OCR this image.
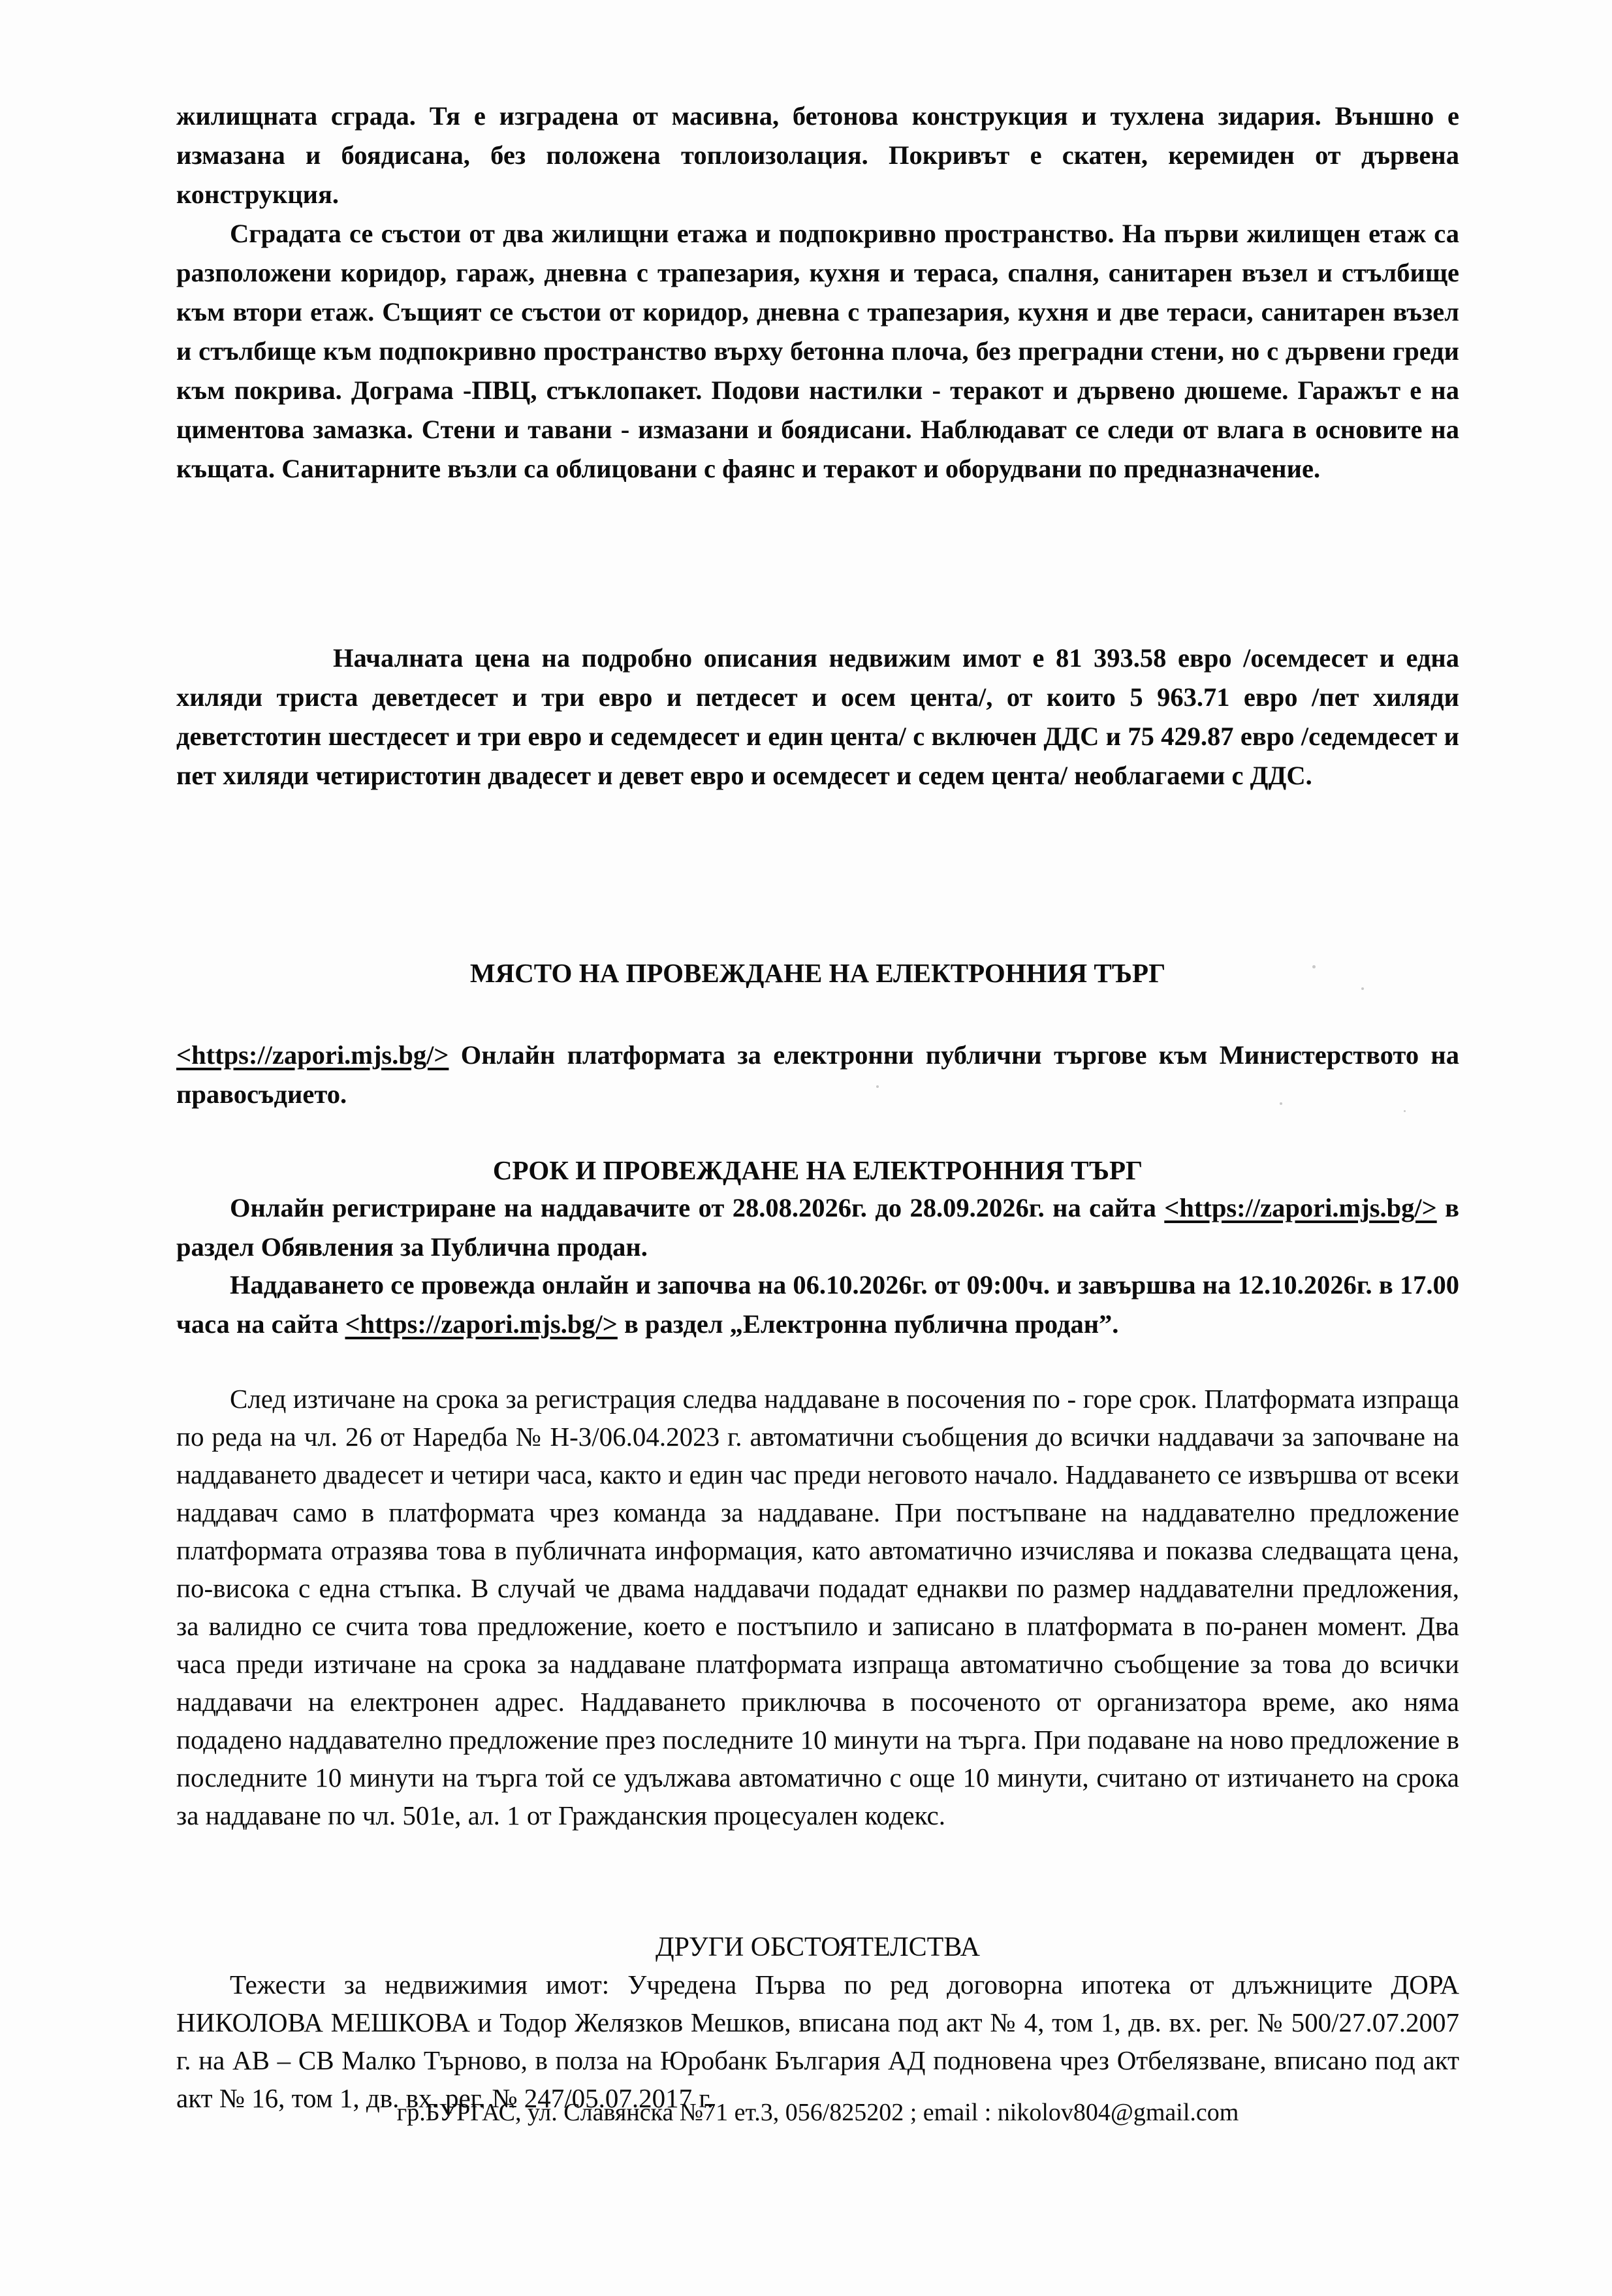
жилищната сграда. Тя е изградена от масивна, бетонова конструкция и тухлена зидария. Външно е измазана и боядисана, без положена топлоизолация. Покривът е скатен, керемиден от дървена конструкция.

Сградата се състои от два жилищни етажа и подпокривно пространство. На първи жилищен етаж са разположени коридор, гараж, дневна с трапезария, кухня и тераса, спалня, санитарен възел и стълбище към втори етаж. Същият се състои от коридор, дневна с трапезария, кухня и две тераси, санитарен възел и стълбище към подпокривно пространство върху бетонна плоча, без преградни стени, но с дървени греди към покрива. Дограма -ПВЦ, стъклопакет. Подови настилки - теракот и дървено дюшеме. Гаражът е на циментова замазка. Стени и тавани - измазани и боядисани. Наблюдават се следи от влага в основите на къщата. Санитарните възли са облицовани с фаянс и теракот и оборудвани по предназначение.

Началната цена на подробно описания недвижим имот е 81 393.58 евро /осемдесет и една хиляди триста деветдесет и три евро и петдесет и осем цента/, от които 5 963.71 евро /пет хиляди деветстотин шестдесет и три евро и седемдесет и един цента/ с включен ДДС и 75 429.87 евро /седемдесет и пет хиляди четиристотин двадесет и девет евро и осемдесет и седем цента/ необлагаеми с ДДС.

МЯСТО НА ПРОВЕЖДАНЕ НА ЕЛЕКТРОННИЯ ТЪРГ

<https://zapori.mjs.bg/> Онлайн платформата за електронни публични търгове към Министерството на правосъдието.

СРОК И ПРОВЕЖДАНЕ НА ЕЛЕКТРОННИЯ ТЪРГ

Онлайн регистриране на наддавачите от 28.08.2026г. до 28.09.2026г. на сайта <https://zapori.mjs.bg/> в раздел Обявления за Публична продан.

Наддаването се провежда онлайн и започва на 06.10.2026г. от 09:00ч. и завършва на 12.10.2026г. в 17.00 часа на сайта <https://zapori.mjs.bg/> в раздел „Електронна публична продан”.

След изтичане на срока за регистрация следва наддаване в посочения по - горе срок. Платформата изпраща по реда на чл. 26 от Наредба № Н-3/06.04.2023 г. автоматични съобщения до всички наддавачи за започване на наддаването двадесет и четири часа, както и един час преди неговото начало. Наддаването се извършва от всеки наддавач само в платформата чрез команда за наддаване. При постъпване на наддавателно предложение платформата отразява това в публичната информация, като автоматично изчислява и показва следващата цена, по-висока с една стъпка. В случай че двама наддавачи подадат еднакви по размер наддавателни предложения, за валидно се счита това предложение, което е постъпило и записано в платформата в по-ранен момент. Два часа преди изтичане на срока за наддаване платформата изпраща автоматично съобщение за това до всички наддавачи на електронен адрес. Наддаването приключва в посоченото от организатора време, ако няма подадено наддавателно предложение през последните 10 минути на търга. При подаване на ново предложение в последните 10 минути на търга той се удължава автоматично с още 10 минути, считано от изтичането на срока за наддаване по чл. 501е, ал. 1 от Гражданския процесуален кодекс.

ДРУГИ ОБСТОЯТЕЛСТВА

Тежести за недвижимия имот: Учредена Първа по ред договорна ипотека от длъжниците ДОРА НИКОЛОВА МЕШКОВА и Тодор Желязков Мешков, вписана под акт № 4, том 1, дв. вх. рег. № 500/27.07.2007 г. на АВ – СВ Малко Търново, в полза на Юробанк България АД подновена чрез Отбелязване, вписано под акт акт № 16, том 1, дв. вх. рег. № 247/05.07.2017 г.

гр.БУРГАС, ул. Славянска №71 ет.3, 056/825202 ; email : nikolov804@gmail.com
